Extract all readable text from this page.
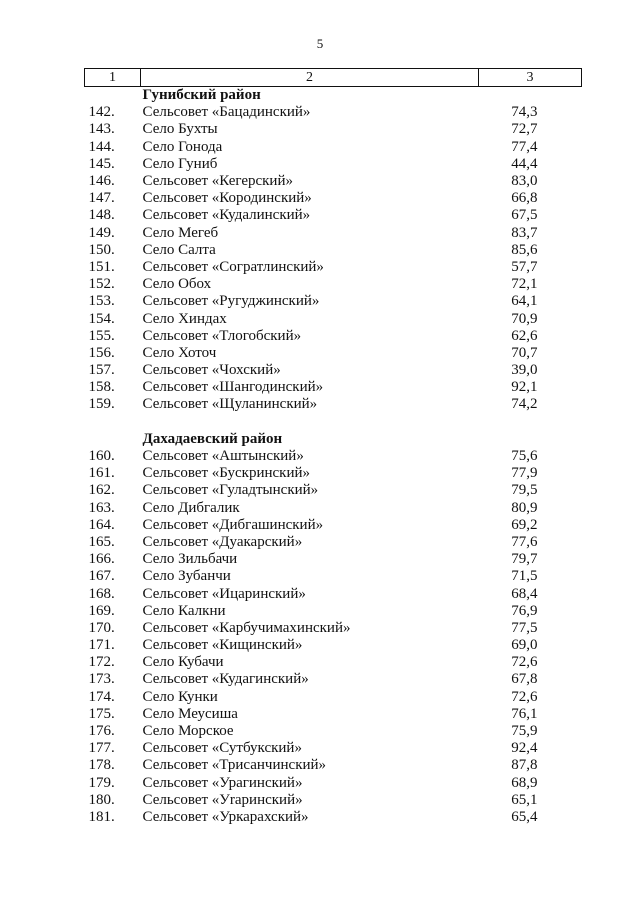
5
1	2	3
	Гунибский район	
142.	Сельсовет «Бацадинский»	74,3
143.	Село Бухты	72,7
144.	Село Гонода	77,4
145.	Село Гуниб	44,4
146.	Сельсовет «Кегерский»	83,0
147.	Сельсовет «Кородинский»	66,8
148.	Сельсовет «Кудалинский»	67,5
149.	Село Мегеб	83,7
150.	Село Салта	85,6
151.	Сельсовет «Согратлинский»	57,7
152.	Село Обох	72,1
153.	Сельсовет «Ругуджинский»	64,1
154.	Село Хиндах	70,9
155.	Сельсовет «Тлогобский»	62,6
156.	Село Хоточ	70,7
157.	Сельсовет «Чохский»	39,0
158.	Сельсовет «Шангодинский»	92,1
159.	Сельсовет «Щуланинский»	74,2

	Дахадаевский район	
160.	Сельсовет «Аштынский»	75,6
161.	Сельсовет «Бускринский»	77,9
162.	Сельсовет «Гуладтынский»	79,5
163.	Село Дибгалик	80,9
164.	Сельсовет «Дибгашинский»	69,2
165.	Сельсовет «Дуакарский»	77,6
166.	Село Зильбачи	79,7
167.	Село Зубанчи	71,5
168.	Сельсовет «Ицаринский»	68,4
169.	Село Калкни	76,9
170.	Сельсовет «Карбучимахинский»	77,5
171.	Сельсовет «Кищинский»	69,0
172.	Село Кубачи	72,6
173.	Сельсовет «Кудагинский»	67,8
174.	Село Кунки	72,6
175.	Село Меусиша	76,1
176.	Село Морское	75,9
177.	Сельсовет «Сутбукский»	92,4
178.	Сельсовет «Трисанчинский»	87,8
179.	Сельсовет «Урагинский»	68,9
180.	Сельсовет «Уraринский»	65,1
181.	Сельсовет «Уркарахский»	65,4
